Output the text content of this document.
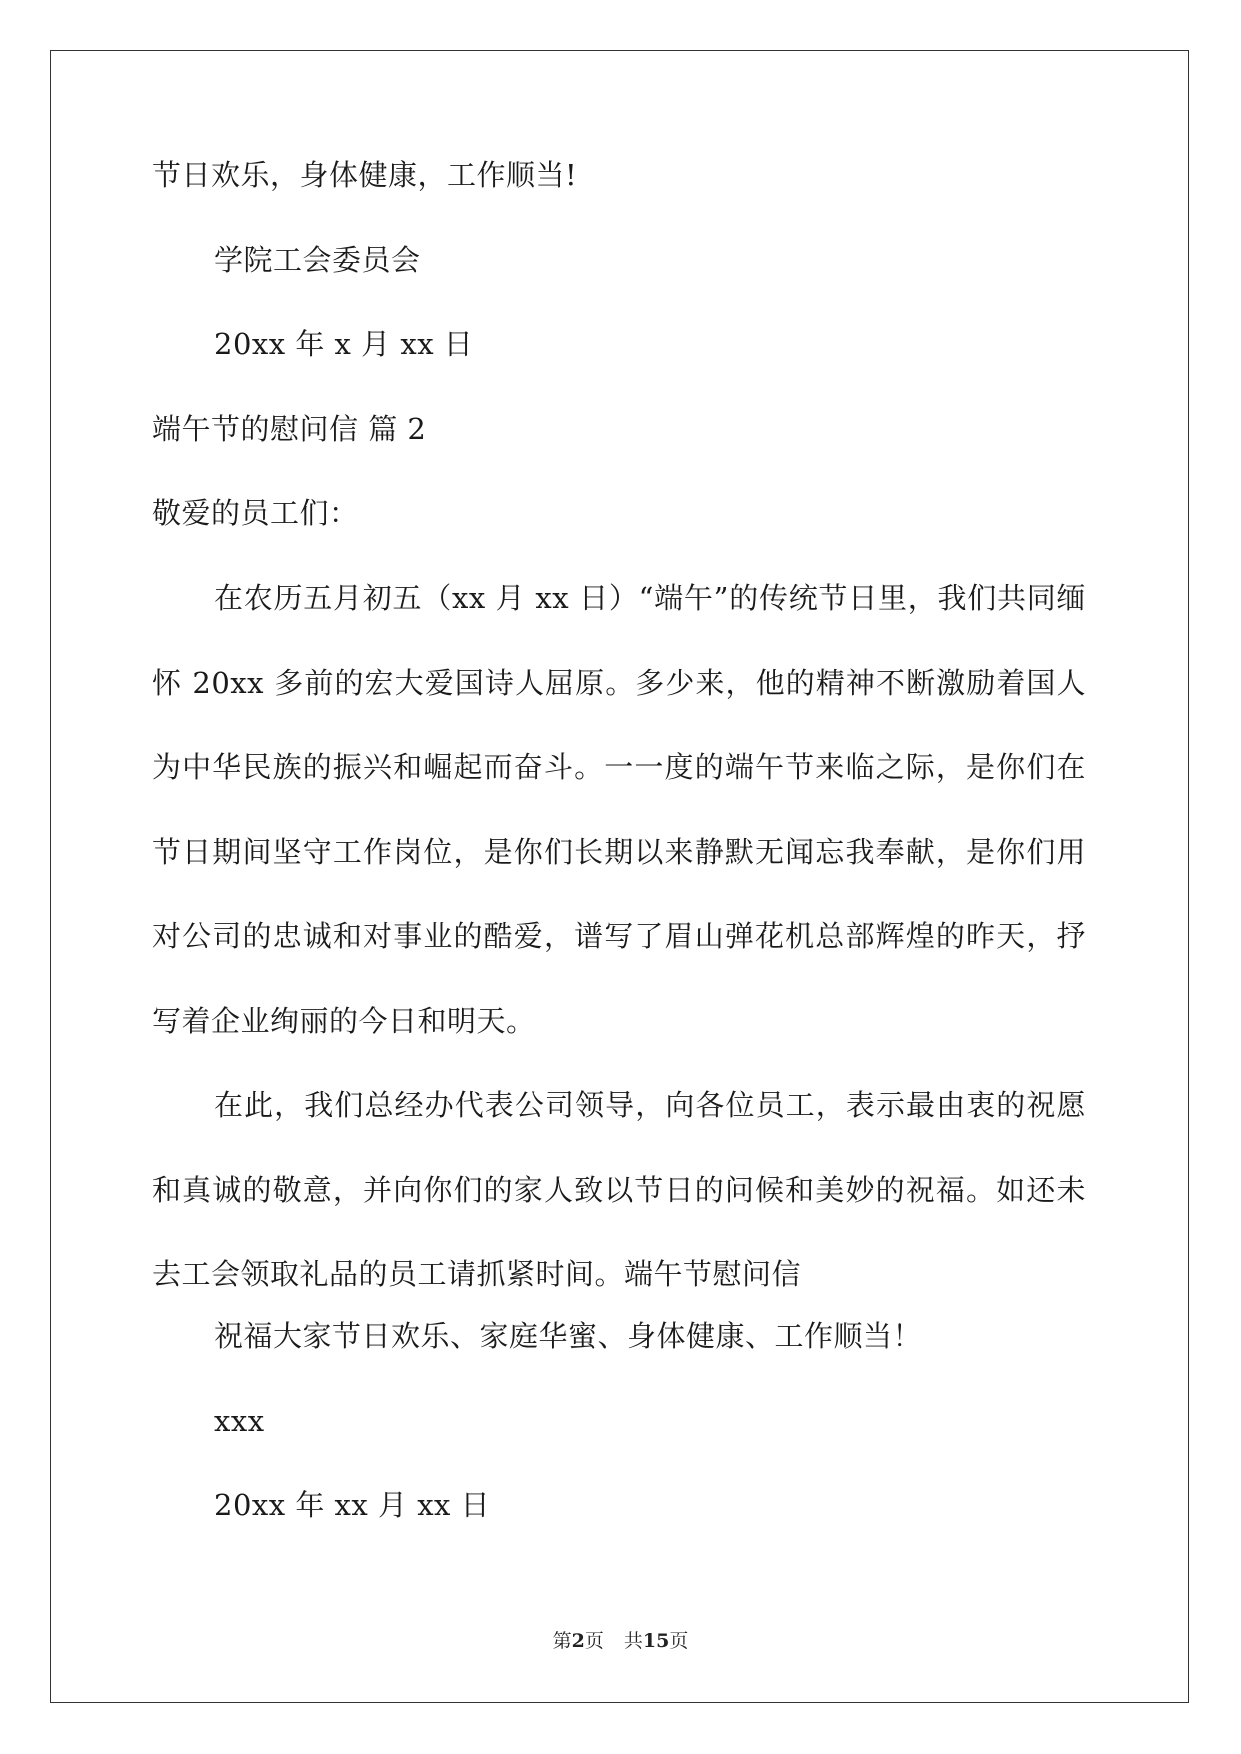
节日欢乐，身体健康，工作顺当!
学院工会委员会
20xx 年 x 月 xx 日
端午节的慰问信 篇 2
敬爱的员工们：
在农历五月初五（xx 月 xx 日）“端午”的传统节日里，我们共同缅怀 20xx 多前的宏大爱国诗人屈原。多少来，他的精神不断激励着国人为中华民族的振兴和崛起而奋斗。一一度的端午节来临之际，是你们在节日期间坚守工作岗位，是你们长期以来静默无闻忘我奉献，是你们用对公司的忠诚和对事业的酷爱，谱写了眉山弹花机总部辉煌的昨天，抒写着企业绚丽的今日和明天。
在此，我们总经办代表公司领导，向各位员工，表示最由衷的祝愿和真诚的敬意，并向你们的家人致以节日的问候和美妙的祝福。如还未去工会领取礼品的员工请抓紧时间。端午节慰问信
祝福大家节日欢乐、家庭华蜜、身体健康、工作顺当！
xxx
20xx 年 xx 月 xx 日
第2页 共15页
